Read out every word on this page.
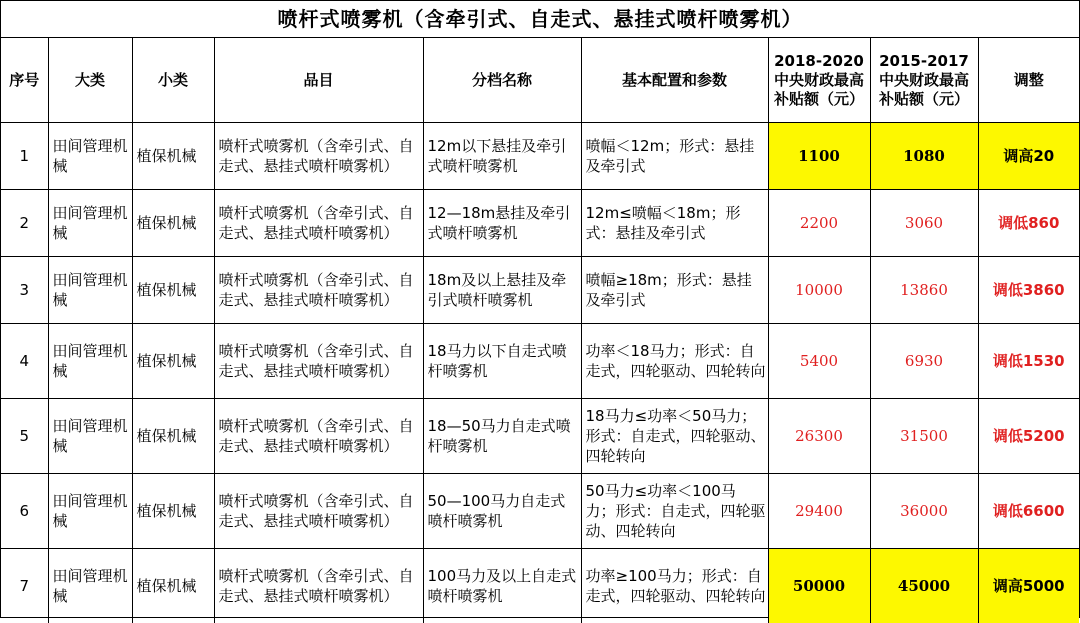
喷杆式喷雾机（含牵引式、自走式、悬挂式喷杆喷雾机）
序号	大类	小类	品目	分档名称	基本配置和参数	2018-2020中央财政最高补贴额（元）	2015-2017中央财政最高补贴额（元）	调整
1	田间管理机械	植保机械	喷杆式喷雾机（含牵引式、自走式、悬挂式喷杆喷雾机）	12m以下悬挂及牵引式喷杆喷雾机	喷幅＜12m；形式：悬挂及牵引式	1100	1080	调高20
2	田间管理机械	植保机械	喷杆式喷雾机（含牵引式、自走式、悬挂式喷杆喷雾机）	12—18m悬挂及牵引式喷杆喷雾机	12m≤喷幅＜18m；形式：悬挂及牵引式	2200	3060	调低860
3	田间管理机械	植保机械	喷杆式喷雾机（含牵引式、自走式、悬挂式喷杆喷雾机）	18m及以上悬挂及牵引式喷杆喷雾机	喷幅≥18m；形式：悬挂及牵引式	10000	13860	调低3860
4	田间管理机械	植保机械	喷杆式喷雾机（含牵引式、自走式、悬挂式喷杆喷雾机）	18马力以下自走式喷杆喷雾机	功率＜18马力；形式：自走式，四轮驱动、四轮转向	5400	6930	调低1530
5	田间管理机械	植保机械	喷杆式喷雾机（含牵引式、自走式、悬挂式喷杆喷雾机）	18—50马力自走式喷杆喷雾机	18马力≤功率＜50马力；形式：自走式，四轮驱动、四轮转向	26300	31500	调低5200
6	田间管理机械	植保机械	喷杆式喷雾机（含牵引式、自走式、悬挂式喷杆喷雾机）	50—100马力自走式喷杆喷雾机	50马力≤功率＜100马力；形式：自走式，四轮驱动、四轮转向	29400	36000	调低6600
7	田间管理机械	植保机械	喷杆式喷雾机（含牵引式、自走式、悬挂式喷杆喷雾机）	100马力及以上自走式喷杆喷雾机	功率≥100马力；形式：自走式，四轮驱动、四轮转向	50000	45000	调高5000
